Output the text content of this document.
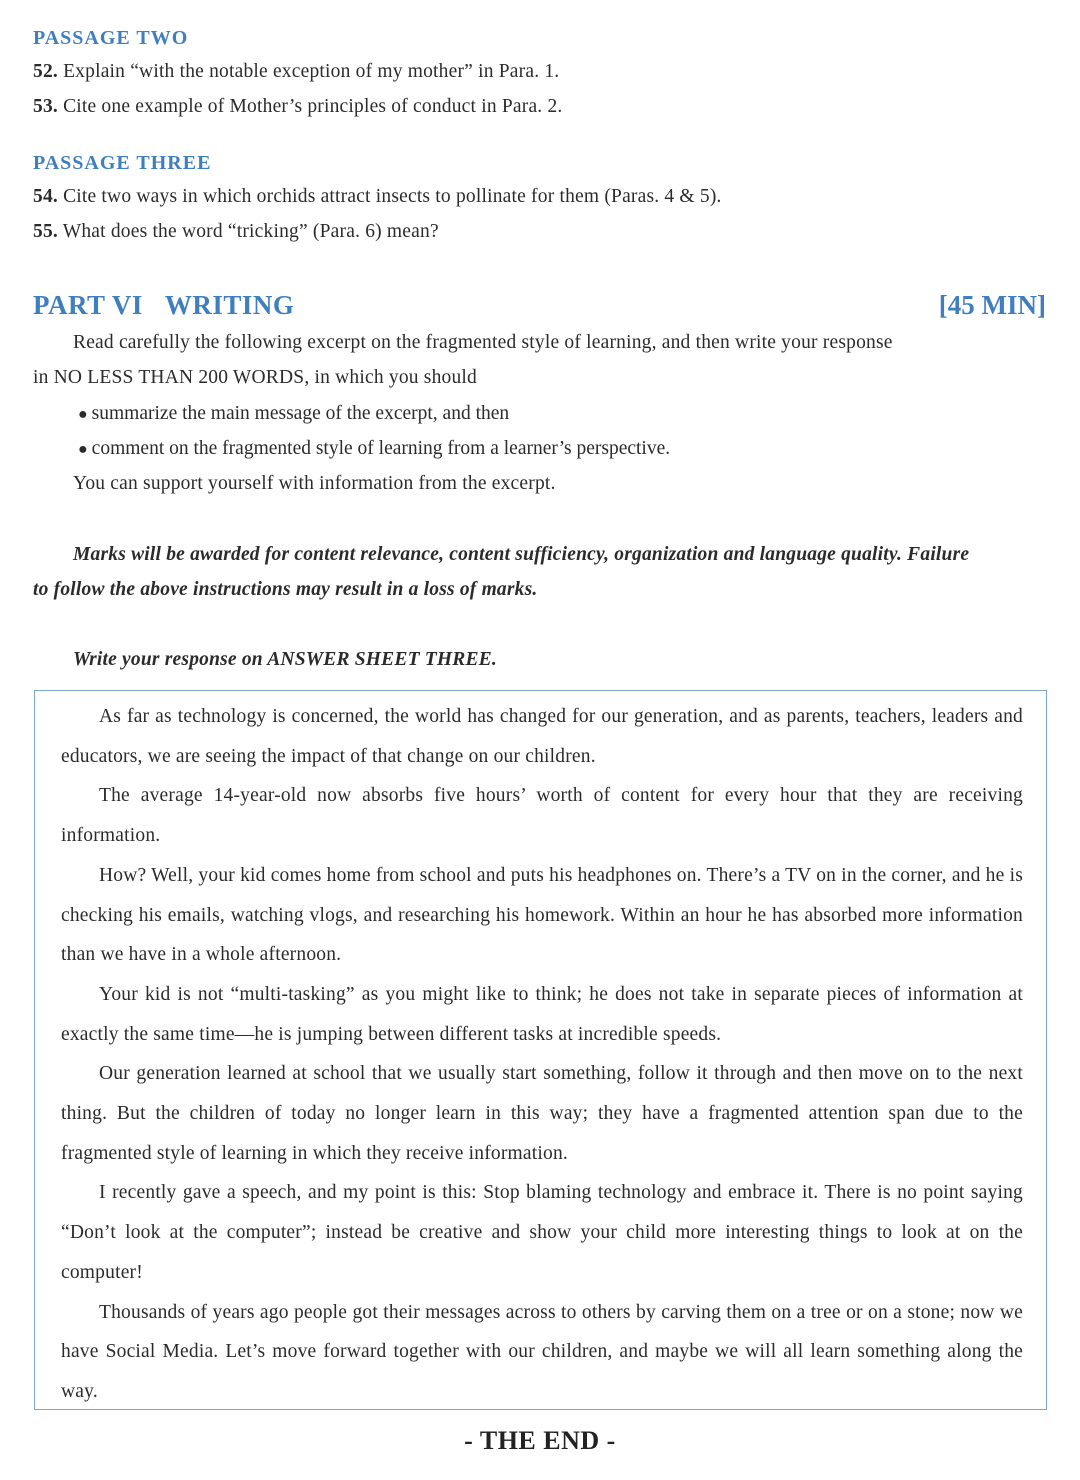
PASSAGE TWO
52. Explain “with the notable exception of my mother” in Para. 1.
53. Cite one example of Mother’s principles of conduct in Para. 2.
PASSAGE THREE
54. Cite two ways in which orchids attract insects to pollinate for them (Paras. 4 & 5).
55. What does the word “tricking” (Para. 6) mean?
PART VI WRITING	[45 MIN]
Read carefully the following excerpt on the fragmented style of learning, and then write your response
in NO LESS THAN 200 WORDS, in which you should
● summarize the main message of the excerpt, and then
● comment on the fragmented style of learning from a learner’s perspective.
You can support yourself with information from the excerpt.
Marks will be awarded for content relevance, content sufficiency, organization and language quality. Failure
to follow the above instructions may result in a loss of marks.
Write your response on ANSWER SHEET THREE.

As far as technology is concerned, the world has changed for our generation, and as parents, teachers, leaders and educators, we are seeing the impact of that change on our children.

The average 14-year-old now absorbs five hours’ worth of content for every hour that they are receiving information.

How? Well, your kid comes home from school and puts his headphones on. There’s a TV on in the corner, and he is checking his emails, watching vlogs, and researching his homework. Within an hour he has absorbed more information than we have in a whole afternoon.

Your kid is not “multi-tasking” as you might like to think; he does not take in separate pieces of information at exactly the same time—he is jumping between different tasks at incredible speeds.

Our generation learned at school that we usually start something, follow it through and then move on to the next thing. But the children of today no longer learn in this way; they have a fragmented attention span due to the fragmented style of learning in which they receive information.

I recently gave a speech, and my point is this: Stop blaming technology and embrace it. There is no point saying “Don’t look at the computer”; instead be creative and show your child more interesting things to look at on the computer!

Thousands of years ago people got their messages across to others by carving them on a tree or on a stone; now we have Social Media. Let’s move forward together with our children, and maybe we will all learn something along the way.

- THE END -
